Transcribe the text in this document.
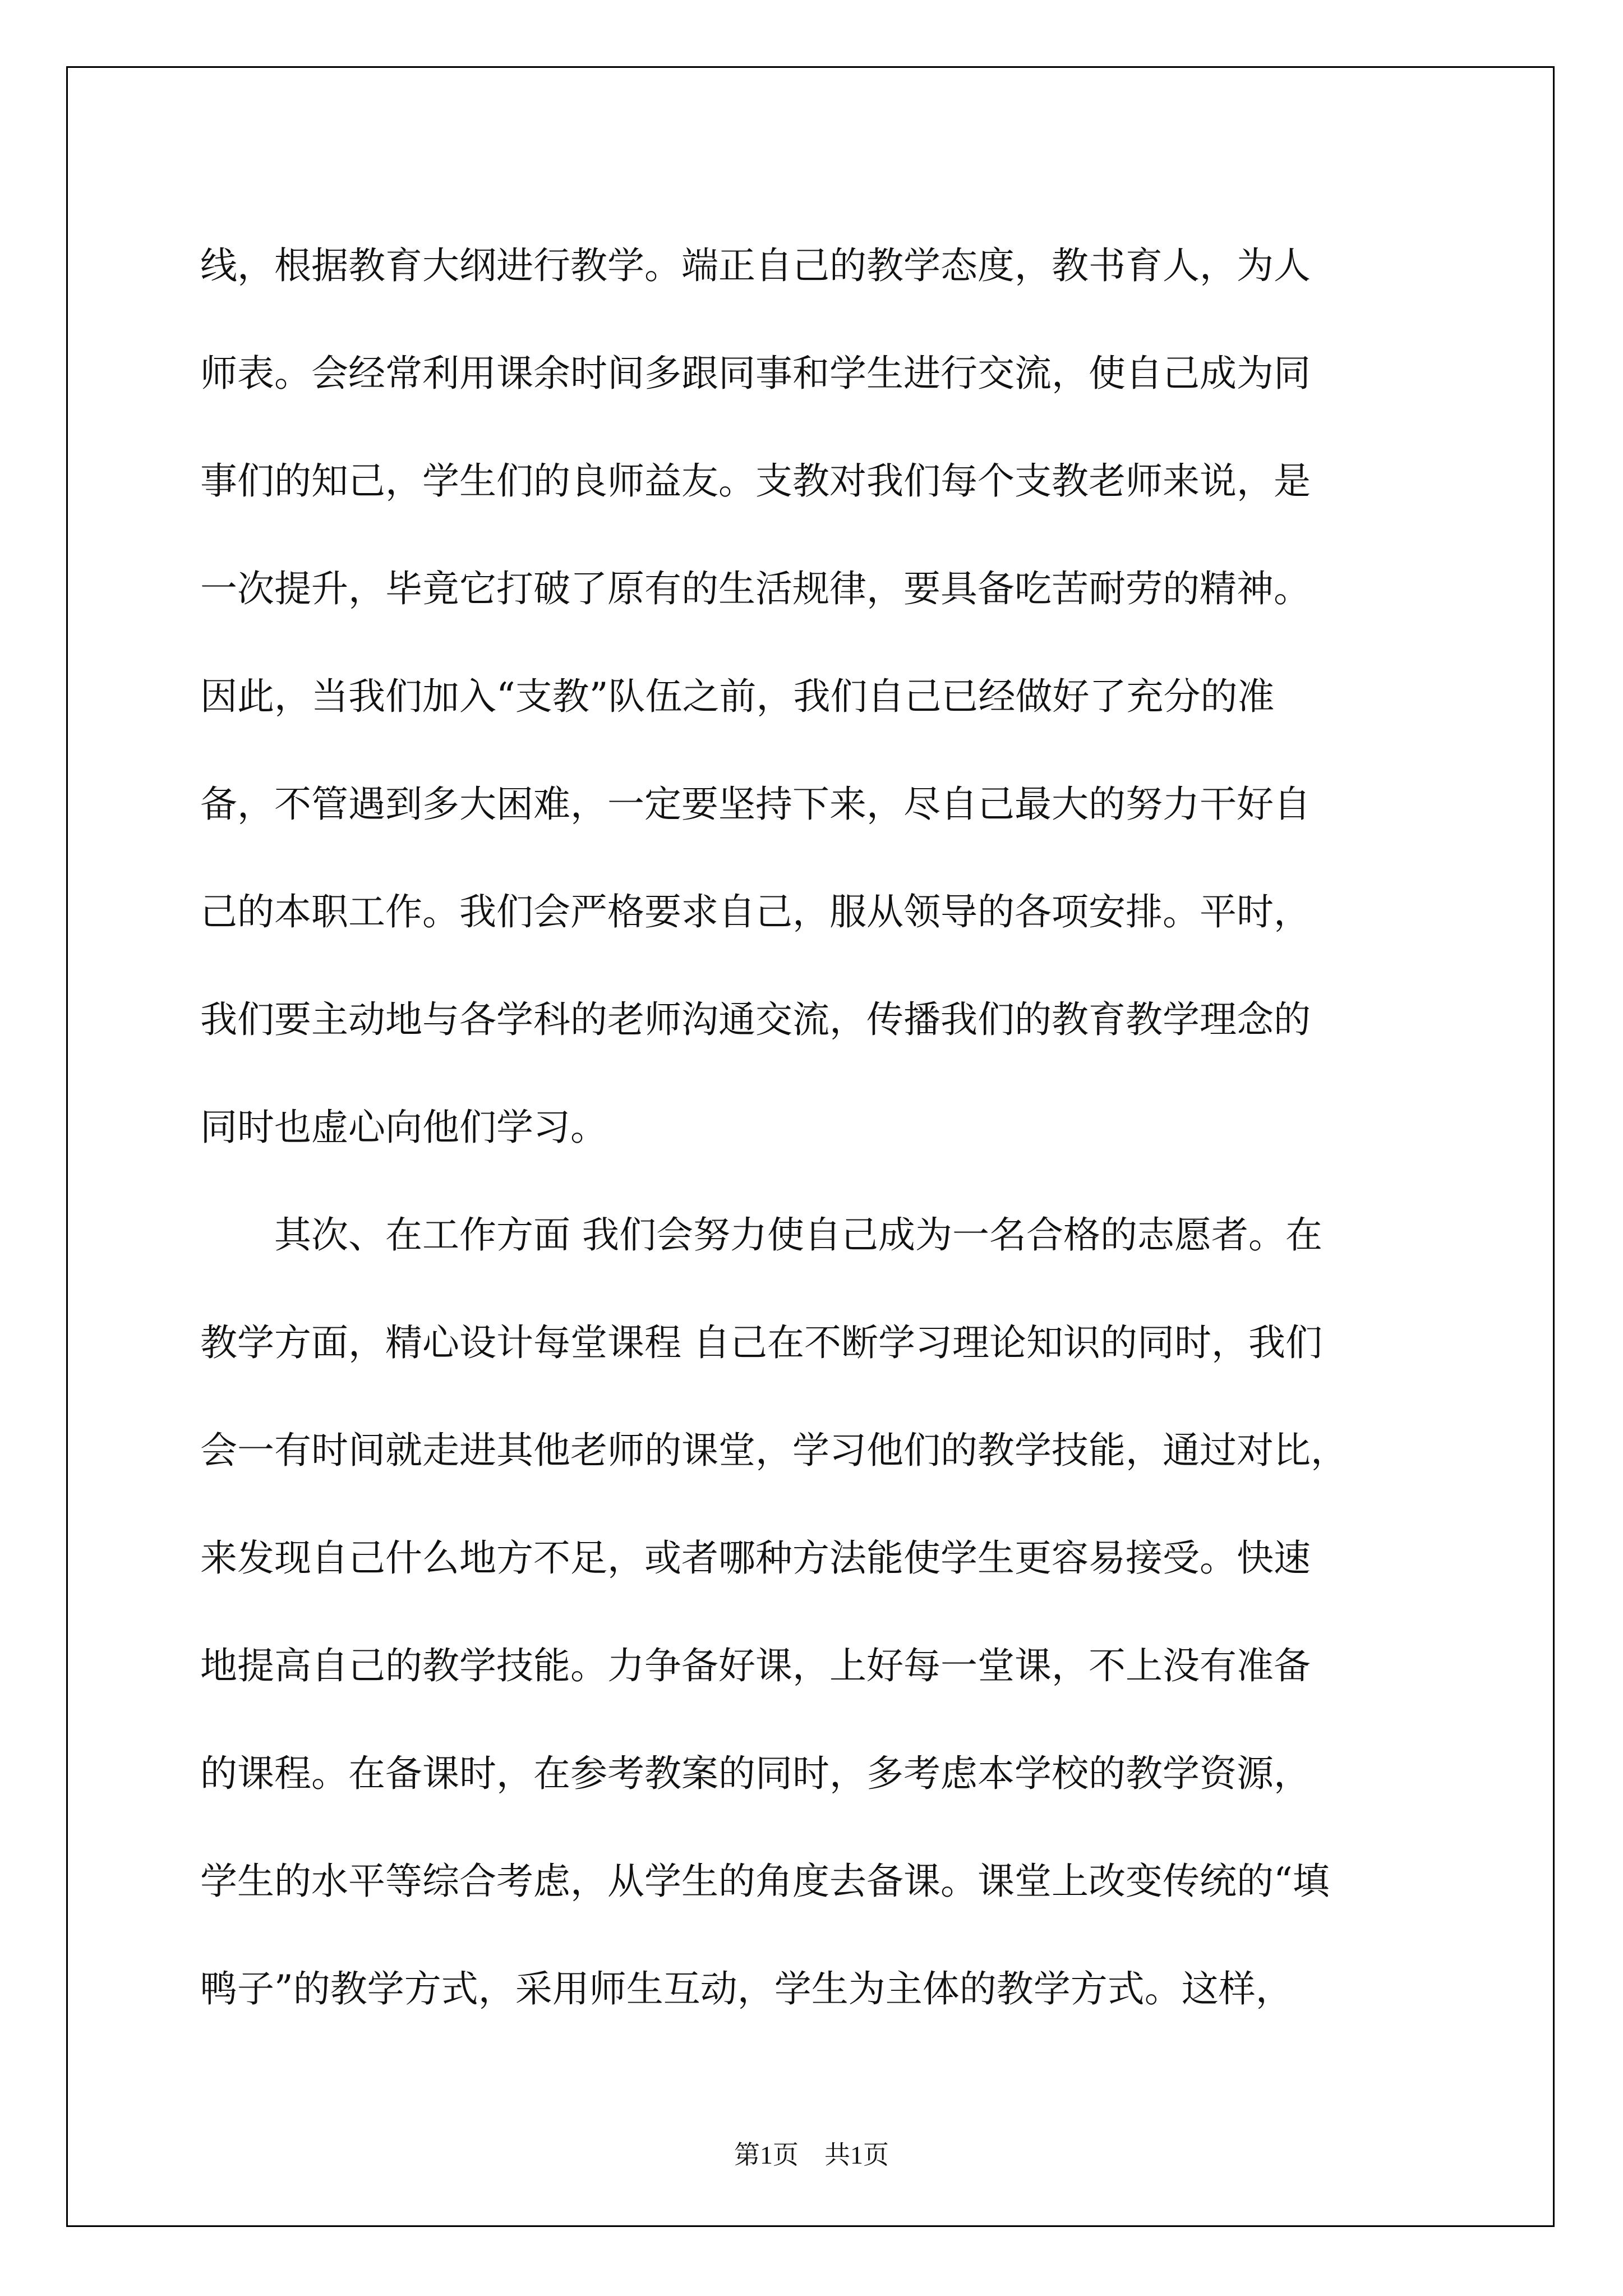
线，根据教育大纲进行教学。端正自己的教学态度，教书育人，为人
师表。会经常利用课余时间多跟同事和学生进行交流，使自己成为同
事们的知己，学生们的良师益友。支教对我们每个支教老师来说，是
一次提升，毕竟它打破了原有的生活规律，要具备吃苦耐劳的精神。
因此，当我们加入“支教”队伍之前，我们自己已经做好了充分的准
备，不管遇到多大困难，一定要坚持下来，尽自己最大的努力干好自
己的本职工作。我们会严格要求自己，服从领导的各项安排。平时，
我们要主动地与各学科的老师沟通交流，传播我们的教育教学理念的
同时也虚心向他们学习。
　　其次、在工作方面 我们会努力使自己成为一名合格的志愿者。在
教学方面，精心设计每堂课程 自己在不断学习理论知识的同时，我们
会一有时间就走进其他老师的课堂，学习他们的教学技能，通过对比，
来发现自己什么地方不足，或者哪种方法能使学生更容易接受。快速
地提高自己的教学技能。力争备好课，上好每一堂课，不上没有准备
的课程。在备课时，在参考教案的同时，多考虑本学校的教学资源，
学生的水平等综合考虑，从学生的角度去备课。课堂上改变传统的“填
鸭子”的教学方式，采用师生互动，学生为主体的教学方式。这样，
第1页　共1页
